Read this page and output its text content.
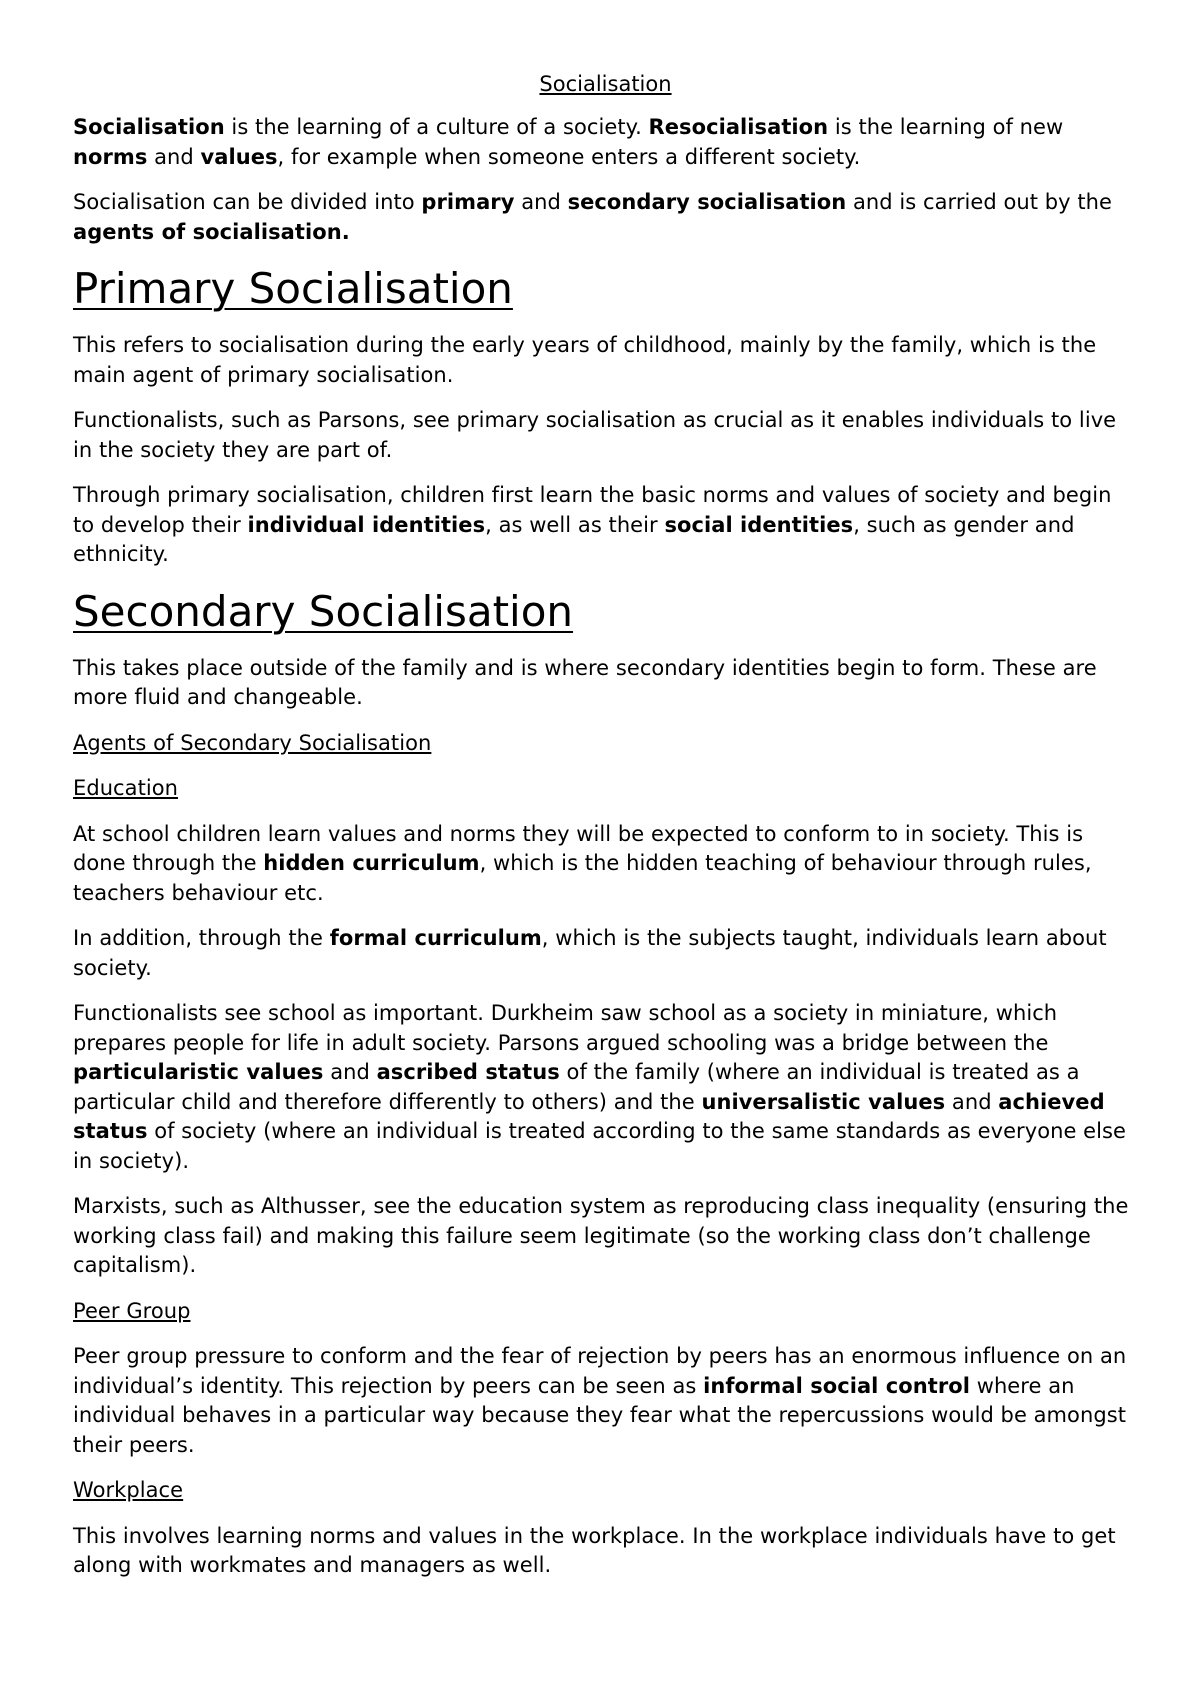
Socialisation

Socialisation is the learning of a culture of a society. Resocialisation is the learning of new norms and values, for example when someone enters a different society.

Socialisation can be divided into primary and secondary socialisation and is carried out by the agents of socialisation.

Primary Socialisation

This refers to socialisation during the early years of childhood, mainly by the family, which is the main agent of primary socialisation.

Functionalists, such as Parsons, see primary socialisation as crucial as it enables individuals to live in the society they are part of.

Through primary socialisation, children first learn the basic norms and values of society and begin to develop their individual identities, as well as their social identities, such as gender and ethnicity.

Secondary Socialisation

This takes place outside of the family and is where secondary identities begin to form. These are more fluid and changeable.

Agents of Secondary Socialisation

Education

At school children learn values and norms they will be expected to conform to in society. This is done through the hidden curriculum, which is the hidden teaching of behaviour through rules, teachers behaviour etc.

In addition, through the formal curriculum, which is the subjects taught, individuals learn about society.

Functionalists see school as important. Durkheim saw school as a society in miniature, which prepares people for life in adult society. Parsons argued schooling was a bridge between the particularistic values and ascribed status of the family (where an individual is treated as a particular child and therefore differently to others) and the universalistic values and achieved status of society (where an individual is treated according to the same standards as everyone else in society).

Marxists, such as Althusser, see the education system as reproducing class inequality (ensuring the working class fail) and making this failure seem legitimate (so the working class don’t challenge capitalism).

Peer Group

Peer group pressure to conform and the fear of rejection by peers has an enormous influence on an individual’s identity. This rejection by peers can be seen as informal social control where an individual behaves in a particular way because they fear what the repercussions would be amongst their peers.

Workplace

This involves learning norms and values in the workplace. In the workplace individuals have to get along with workmates and managers as well.
